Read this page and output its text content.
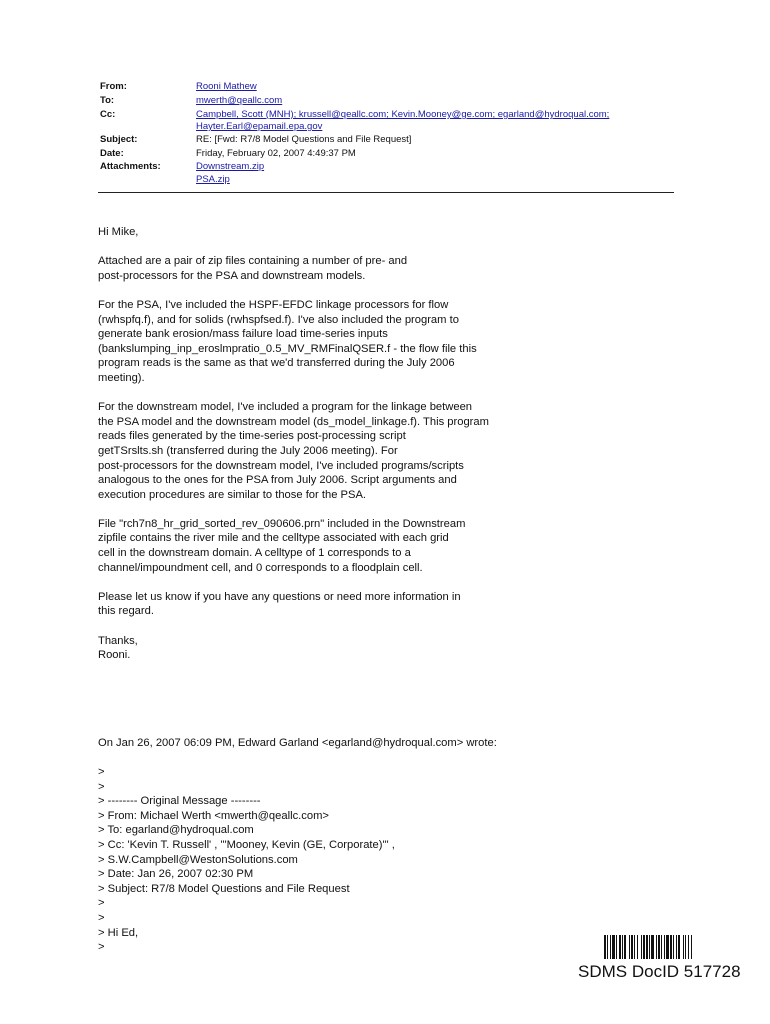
From:	Rooni Mathew
To:	mwerth@qeallc.com
Cc:	Campbell, Scott (MNH); krussell@qeallc.com; Kevin.Mooney@ge.com; egarland@hydroqual.com;
Hayter.Earl@epamail.epa.gov
Subject:	RE: [Fwd: R7/8 Model Questions and File Request]
Date:	Friday, February 02, 2007 4:49:37 PM
Attachments:	Downstream.zip
PSA.zip

Hi Mike,

Attached are a pair of zip files containing a number of pre- and
post-processors for the PSA and downstream models.

For the PSA, I've included the HSPF-EFDC linkage processors for flow
(rwhspfq.f), and for solids (rwhspfsed.f). I've also included the program to
generate bank erosion/mass failure load time-series inputs
(bankslumping_inp_eroslmpratio_0.5_MV_RMFinalQSER.f - the flow file this
program reads is the same as that we'd transferred during the July 2006
meeting).

For the downstream model, I've included a program for the linkage between
the PSA model and the downstream model (ds_model_linkage.f). This program
reads files generated by the time-series post-processing script
getTSrslts.sh (transferred during the July 2006 meeting). For
post-processors for the downstream model, I've included programs/scripts
analogous to the ones for the PSA from July 2006. Script arguments and
execution procedures are similar to those for the PSA.

File "rch7n8_hr_grid_sorted_rev_090606.prn" included in the Downstream
zipfile contains the river mile and the celltype associated with each grid
cell in the downstream domain. A celltype of 1 corresponds to a
channel/impoundment cell, and 0 corresponds to a floodplain cell.

Please let us know if you have any questions or need more information in
this regard.

Thanks,
Rooni.

On Jan 26, 2007 06:09 PM, Edward Garland <egarland@hydroqual.com> wrote:

>
>
> -------- Original Message --------
> From: Michael Werth <mwerth@qeallc.com>
> To: egarland@hydroqual.com
> Cc: 'Kevin T. Russell' , "'Mooney, Kevin (GE, Corporate)'" ,
> S.W.Campbell@WestonSolutions.com
> Date: Jan 26, 2007 02:30 PM
> Subject: R7/8 Model Questions and File Request
>
>
> Hi Ed,
>

SDMS DocID 517728
